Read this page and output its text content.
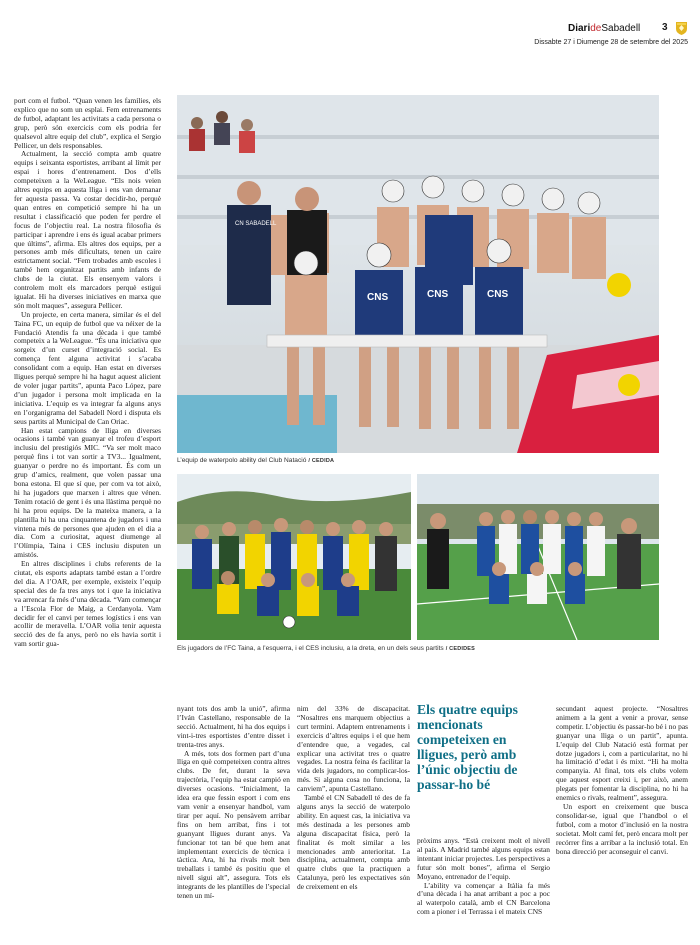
DiarideSabadell 3
Dissabte 27 i Diumenge 28 de setembre del 2025

port com el futbol. “Quan venen les famílies, els explico que no som un esplai. Fem entrenaments de futbol, adaptant les activitats a cada persona o grup, però són exercicis com els podria fer qualsevol altre equip del club”, explica el Sergio Pellicer, un dels responsables.

Actualment, la secció compta amb quatre equips i seixanta esportistes, arribant al límit per espai i hores d’entrenament. Dos d’ells competeixen a la WeLeague. “Els nois veien altres equips en aquesta lliga i ens van demanar fer aquesta passa. Va costar decidir-ho, perquè quan entres en competició sempre hi ha un resultat i classificació que poden fer perdre el focus de l’objectiu real. La nostra filosofia és participar i aprendre i ens és igual acabar primers que últims”, afirma. Els altres dos equips, per a persones amb més dificultats, tenen un caire estrictament social. “Fem trobades amb escoles i també hem organitzat partits amb infants de clubs de la ciutat. Els ensenyem valors i controlem molt els marcadors perquè estigui igualat. Hi ha diverses iniciatives en marxa que són molt maques”, assegura Pellicer.

Un projecte, en certa manera, similar és el del Taina FC, un equip de futbol que va néixer de la Fundació Atendis fa una dècada i que també competeix a la WeLeague. “És una iniciativa que sorgeix d’un curset d’integració social. Es comença fent alguna activitat i s’acaba consolidant com a equip. Han estat en diverses lligues perquè sempre hi ha hagut aquest alicient de voler jugar partits”, apunta Paco López, pare d’un jugador i persona molt implicada en la iniciativa. L’equip es va integrar fa alguns anys en l’organigrama del Sabadell Nord i disputa els seus partits al Municipal de Can Oriac.

Han estat campions de lliga en diverses ocasions i també van guanyar el trofeu d’esport inclusiu del prestigiós MIC. “Va ser molt maco perquè fins i tot van sortir a TV3... Igualment, guanyar o perdre no és important. És com un grup d’amics, realment, que volen passar una bona estona. El que sí que, per com va tot això, hi ha jugadors que marxen i altres que vénen. Tenim rotació de gent i és una llàstima perquè no hi ha prou equips. De la mateixa manera, a la plantilla hi ha una cinquantena de jugadors i una vintena més de persones que ajuden en el dia a dia. Com a curiositat, aquest diumenge al l’Olímpia, Taina i CES inclusiu disputen un amistós.

En altres disciplines i clubs referents de la ciutat, els esports adaptats també estan a l’ordre del dia. A l’OAR, per exemple, existeix l’equip special des de fa tres anys tot i que la iniciativa va arrencar fa més d’una dècada. “Vam començar a l’Escola Flor de Maig, a Cerdanyola. Vam decidir fer el canvi per temes logístics i ens van acollir de meravella. L’OAR volia tenir aquesta secció des de fa anys, però no els havia sortit i vam sortir gua-

CN SABADELL
CNS	CNS	CNS
L’equip de waterpolo ability del Club Natació / CEDIDA
Els jugadors de l’FC Taina, a l’esquerra, i el CES inclusiu, a la dreta, en un dels seus partits / CEDIDES

nyant tots dos amb la unió”, afirma l’Iván Castellano, responsable de la secció. Actualment, hi ha dos equips i vint-i-tres esportistes d’entre disset i trenta-tres anys.

A més, tots dos formen part d’una lliga en què competeixen contra altres clubs. De fet, durant la seva trajectòria, l’equip ha estat campió en diverses ocasions. “Inicialment, la idea era que fessin esport i com ens vam venir a ensenyar handbol, vam tirar per aquí. No pensàvem arribar fins on hem arribat, fins i tot guanyant lligues durant anys. Va funcionar tot tan bé que hem anat implementant exercicis de tècnica i tàctica. Ara, hi ha rivals molt ben treballats i també és positiu que el nivell sigui alt”, assegura. Tots els integrants de les plantilles de l’special tenen un mí-

nim del 33% de discapacitat. “Nosaltres ens marquem objectius a curt termini. Adaptem entrenaments i exercicis d’altres equips i el que hem d’entendre que, a vegades, cal explicar una activitat tres o quatre vegades. La nostra feina és facilitar la vida dels jugadors, no complicar-los-més. Si alguna cosa no funciona, la canviem”, apunta Castellano.

També el CN Sabadell té des de fa alguns anys la secció de waterpolo ability. En aquest cas, la iniciativa va més destinada a les persones amb alguna discapacitat física, però la finalitat és molt similar a les mencionades amb anterioritat. La disciplina, actualment, compta amb quatre clubs que la practiquen a Catalunya, però les expectatives són de creixement en els

Els quatre equips mencionats competeixen en lligues, però amb l’únic objectiu de passar-ho bé

pròxims anys. “Està creixent molt el nivell al país. A Madrid també alguns equips estan intentant iniciar projectes. Les perspectives a futur són molt bones”, afirma el Sergio Moyano, entrenador de l’equip.

L’ability va començar a Itàlia fa més d’una dècada i ha anat arribant a poc a poc al waterpolo català, amb el CN Barcelona com a pioner i el Terrassa i el mateix CNS

secundant aquest projecte. “Nosaltres animem a la gent a venir a provar, sense competir. L’objectiu és passar-ho bé i no pas guanyar una lliga o un partit”, apunta. L’equip del Club Natació està format per dotze jugadors i, com a particularitat, no hi ha limitació d’edat i és mixt. “Hi ha molta companyia. Al final, tots els clubs volem que aquest esport creixi i, per això, anem plegats per fomentar la disciplina, no hi ha enemics o rivals, realment”, assegura.

Un esport en creixement que busca consolidar-se, igual que l’handbol o el futbol, com a motor d’inclusió en la nostra societat. Molt camí fet, però encara molt per recórrer fins a arribar a la inclusió total. En bona direcció per aconseguir el canvi.
